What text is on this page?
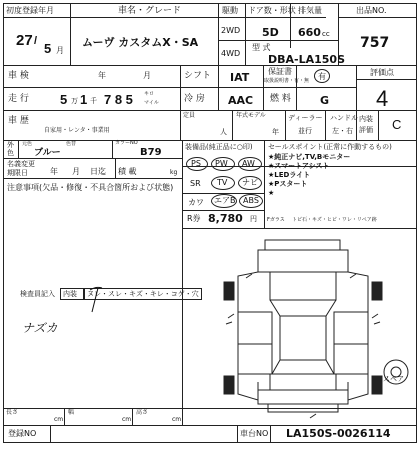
初度登録年月
27 / 5 月
車名・グレード
ムーヴ カスタムX・SA
駆動
2WD
4WD
ドア数・形状
5D
排気量
660 cc
型 式
DBA-LA150S
出品NO.
757
車 検	年	月	シフト IAT 保証書
取扱説明書・有・無 有	評価点
4
走 行 5 万 1 千 7 8 5 キロ
マイル	冷 房 AAC 燃 料	G
車 歴
自家用・レンタ・事業用
定員
人
年式モデル
年
ディーラー
並行
ハンドル
左・右
内装
評価 C
外
色
元色	色替
ブルー
カラーNO
B79
名義変更
期限日	年 月 日迄 積 載	kg
注意事項(欠品・修復・不具合箇所および状態)
検査員記入 内装 ヌレ・スレ・キズ・キレ・コゲ・穴
ナズカ
装備品(純正品に○印)
PS PW AW
SR TV ナビ
カワ エアB ABS
R券 8,780 円
セールスポイント(正常に作動するもの)
★純正ナビ,TV,Bモニター
★スマートアシスト
★LEDライト
★Pスタート
★
Fガラス トビ石・キズ・ヒビ・ワレ・リペア跡
スペア
長さ
cm
幅
cm
高さ
cm
登録NO	車台NO LA150S-0026114
